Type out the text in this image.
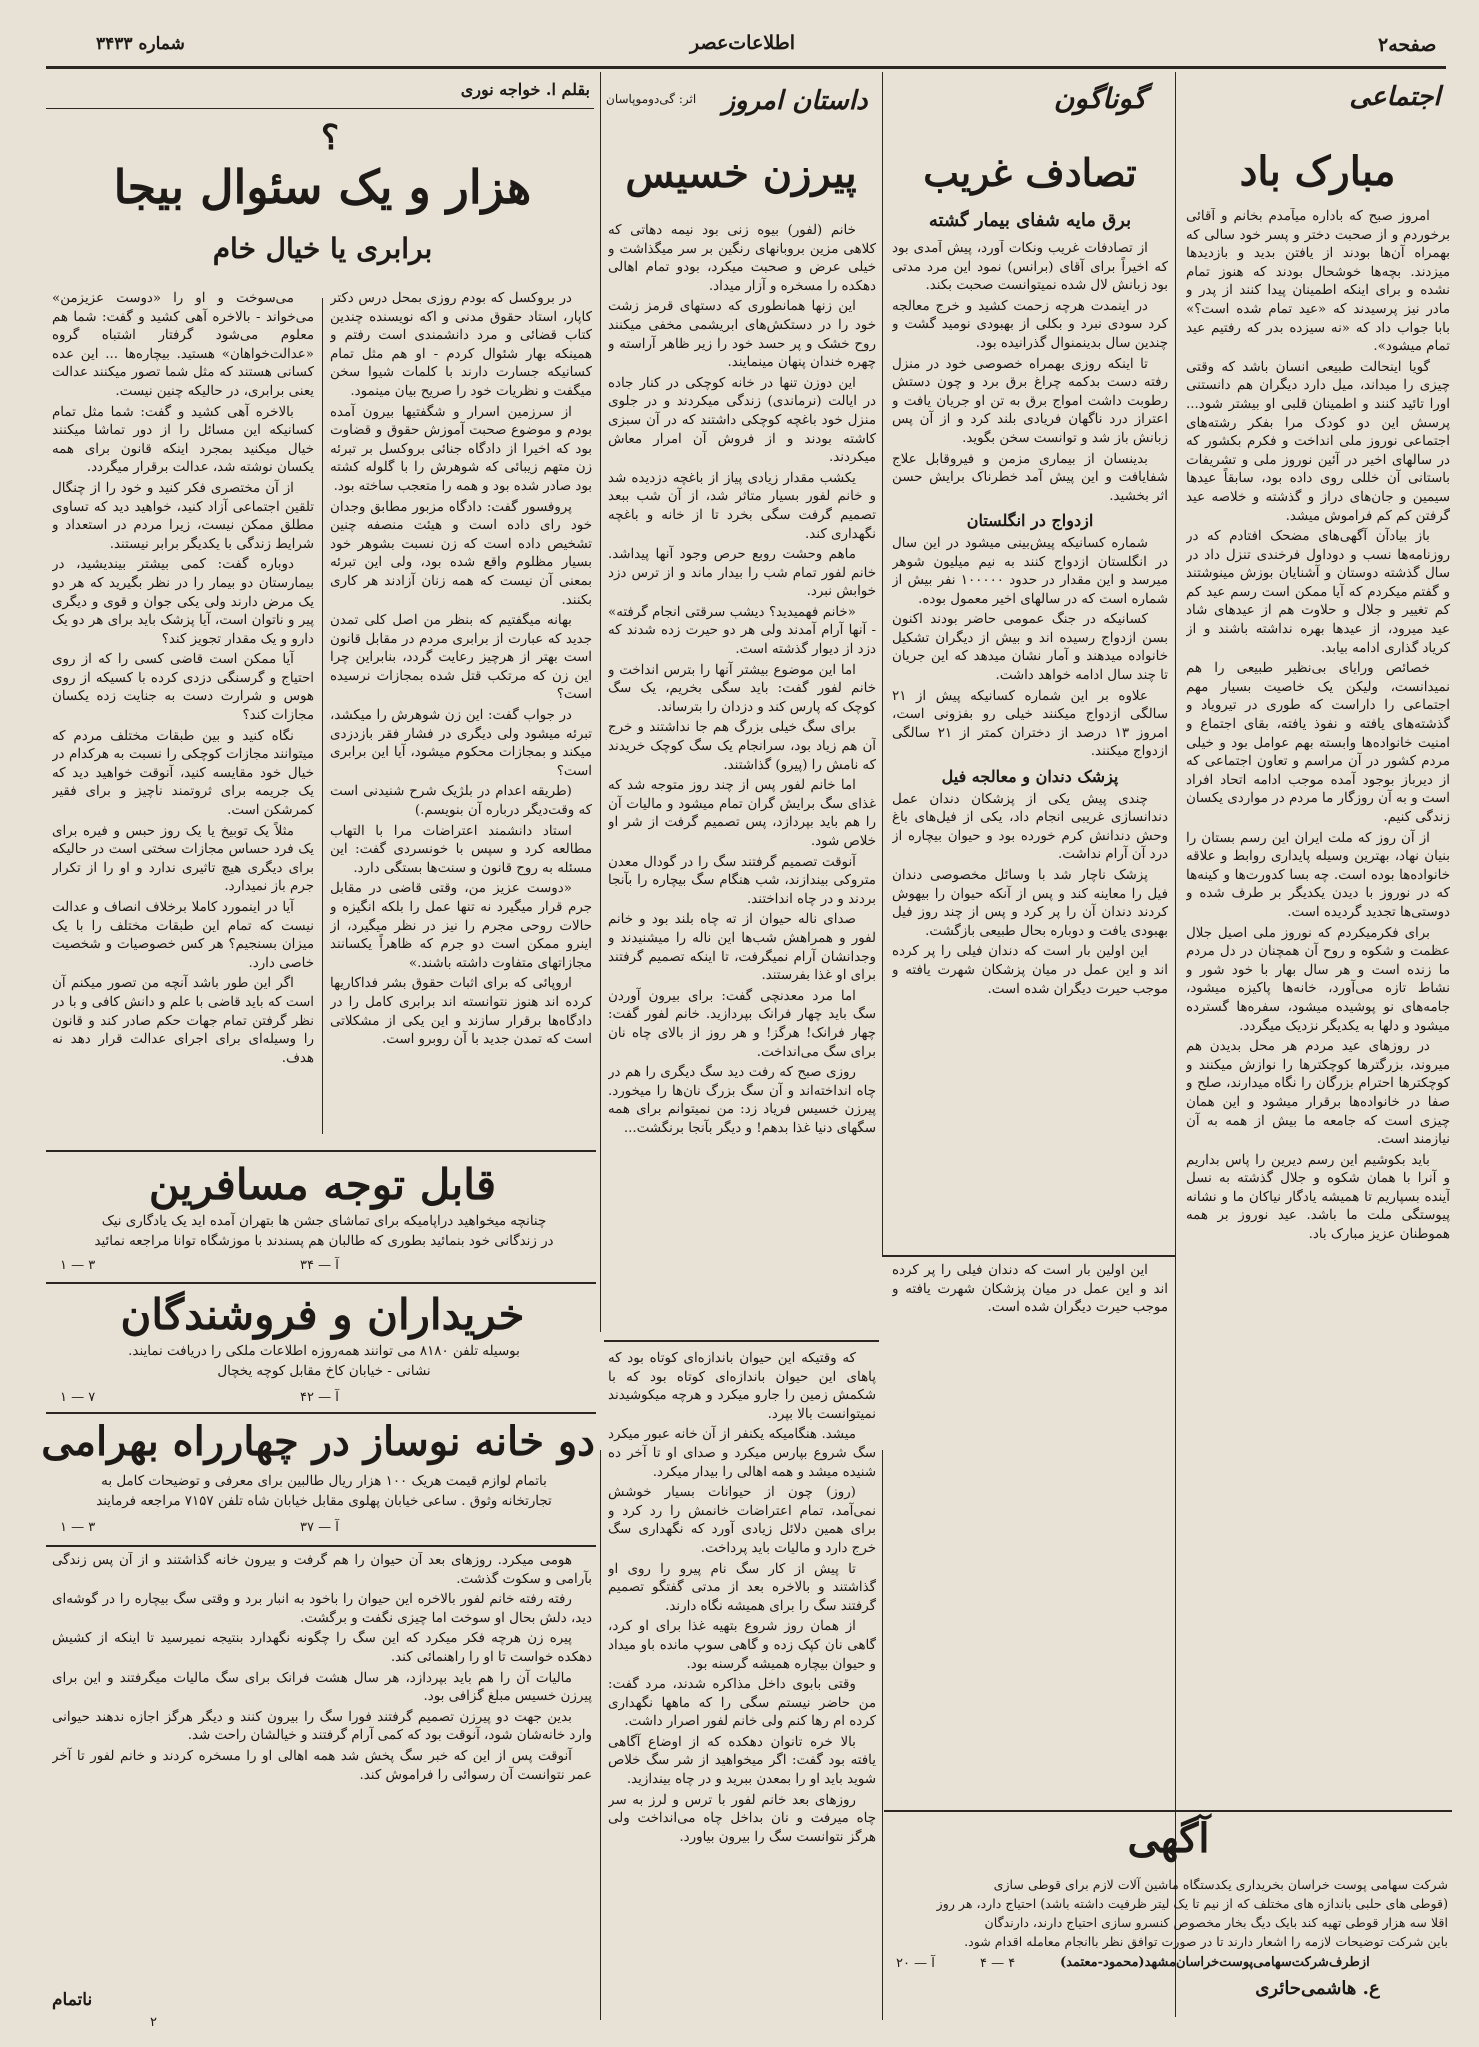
صفحه۲
اطلاعات‌عصر
شماره ۳۴۳۳
اجتماعی
مبارک باد

امروز صبح که باداره میآمدم بخانم و آقائی برخوردم و از صحبت دختر و پسر خود سالی که بهمراه آن‌ها بودند از یافتن بدید و بازدیدها میزدند. بچه‌ها خوشحال بودند که هنوز تمام نشده و برای اینکه اطمینان پیدا کنند از پدر و مادر نیز پرسیدند که «عید تمام شده است؟» بابا جواب داد که «نه سیزده بدر که رفتیم عید تمام میشود».

گویا اینحالت طبیعی انسان باشد که وقتی چیزی را میداند، میل دارد دیگران هم دانستنی اورا تائید کنند و اطمینان قلبی او بیشتر شود... پرسش این دو کودک مرا بفکر رشته‌های اجتماعی نوروز ملی انداخت و فکرم بکشور که در سالهای اخیر در آئین نوروز ملی و تشریفات باستانی آن خللی روی داده بود، سابقاً عیدها سیمین و جان‌های دراز و گذشته و خلاصه عید گرفتن کم کم فراموش میشد.

باز بیادآن آگهی‌های مضحک افتادم که در روزنامه‌ها نسب و دوداول فرخندی تنزل داد در سال گذشته دوستان و آشنایان بوزش مینوشتند و گفتم میکردم که آیا ممکن است رسم عید کم کم تغییر و جلال و حلاوت هم از عید‌های شاد عید میرود، از عیدها بهره نداشته باشند و از کریاد گذاری ادامه بیابد.

خصائص ورایای بی‌نظیر طبیعی را هم نمیدانست، ولیکن یک خاصیت بسیار مهم اجتماعی را داراست که طوری در تیرویاد و گذشته‌های یافته و نفوذ یافته، بقای اجتماع و امنیت خانواده‌ها وابسته بهم عوامل بود و خیلی مردم کشور در آن مراسم و تعاون اجتماعی که از دیرباز بوجود آمده موجب ادامه اتحاد افراد است و به آن روزگار ما مردم در مواردی یکسان زندگی کنیم.

از آن روز که ملت ایران این رسم بستان را بنیان نهاد، بهترین وسیله پایداری روابط و علاقه خانواده‌ها بوده است. چه بسا کدورت‌ها و کینه‌ها که در نوروز با دیدن یکدیگر بر طرف شده و دوستی‌ها تجدید گردیده است.

برای فکرمیکردم که نوروز ملی اصیل جلال عظمت و شکوه و روح آن همچنان در دل مردم ما زنده است و هر سال بهار با خود شور و نشاط تازه می‌آورد، خانه‌ها پاکیزه میشود، جامه‌های نو پوشیده میشود، سفره‌ها گسترده میشود و دلها به یکدیگر نزدیک میگردد.

در روز‌های عید مردم هر محل بدیدن هم میروند، بزرگترها کوچکترها را نوازش میکنند و کوچکترها احترام بزرگان را نگاه میدارند، صلح و صفا در خانواده‌ها برقرار میشود و این همان چیزی است که جامعه ما بیش از همه به آن نیازمند است.

باید بکوشیم این رسم دیرین را پاس بداریم و آنرا با همان شکوه و جلال گذشته به نسل آینده بسپاریم تا همیشه یادگار نیاکان ما و نشانه پیوستگی ملت ما باشد. عید نوروز بر همه هموطنان عزیز مبارک باد.

ع. هاشمی‌حائری
گوناگون
تصادف غریب
برق مایه شفای بیمار گشته

از تصادفات غریب ونکات آورد، پیش آمدی بود که اخیراً برای آقای (برانس) نمود این مرد مدتی بود زبانش لال شده نمیتوانست صحبت بکند.

در اینمدت هرچه زحمت کشید و خرج معالجه کرد سودی نبرد و بکلی از بهبودی نومید گشت و چندین سال بدینمنوال گذرانیده بود.

تا اینکه روزی بهمراه خصوصی خود در منزل رفته دست بدکمه چراغ برق برد و چون دستش رطوبت داشت امواج برق به تن او جریان یافت و اعتراز درد ناگهان فریادی بلند کرد و از آن پس زبانش باز شد و توانست سخن بگوید.

بدینسان از بیماری مزمن و فیروقابل علاج شفایافت و این پیش آمد خطرناک برایش حسن اثر بخشید.

ازدواج در انگلستان

شماره کسانیکه پیش‌بینی میشود در این سال در انگلستان ازدواج کنند به نیم میلیون شوهر میرسد و این مقدار در حدود ۱۰۰۰۰۰ نفر بیش از شماره است که در سالهای اخیر معمول بوده.

کسانیکه در جنگ عمومی حاضر بودند اکنون بسن ازدواج رسیده اند و بیش از دیگران تشکیل خانواده میدهند و آمار نشان میدهد که این جریان تا چند سال ادامه خواهد داشت.

علاوه بر این شماره کسانیکه پیش از ۲۱ سالگی ازدواج میکنند خیلی رو بفزونی است، امروز ۱۳ درصد از دختران کمتر از ۲۱ سالگی ازدواج میکنند.

پزشک دندان و معالجه فیل

چندی پیش یکی از پزشکان دندان عمل دندانسازی غریبی انجام داد، یکی از فیل‌های باغ وحش دندانش کرم خورده بود و حیوان بیچاره از درد آن آرام نداشت.

پزشک ناچار شد با وسائل مخصوصی دندان فیل را معاینه کند و پس از آنکه حیوان را بیهوش کردند دندان آن را پر کرد و پس از چند روز فیل بهبودی یافت و دوباره بحال طبیعی بازگشت.

این اولین بار است که دندان فیلی را پر کرده اند و این عمل در میان پزشکان شهرت یافته و موجب حیرت دیگران شده است.

اثر: گی‌دوموپاسان داستان امروز
پیرزن خسیس

خانم (لفور) بیوه زنی بود نیمه دهاتی که کلاهی مزین بروبانهای رنگین بر سر میگذاشت و خیلی عرض و صحبت میکرد، بودو تمام اهالی دهکده را مسخره و آزار میداد.

این زنها همانطوری که دستهای قرمز زشت خود را در دستکش‌های ابریشمی مخفی میکنند روح خشک و پر حسد خود را زیر ظاهر آراسته و چهره خندان پنهان مینمایند.

این دوزن تنها در خانه کوچکی در کنار جاده در ایالت (نرماندی) زندگی میکردند و در جلوی منزل خود باغچه کوچکی داشتند که در آن سبزی کاشته بودند و از فروش آن امرار معاش میکردند.

یکشب مقدار زیادی پیاز از باغچه دزدیده شد و خانم لفور بسیار متاثر شد، از آن شب ببعد تصمیم گرفت سگی بخرد تا از خانه و باغچه نگهداری کند.

ماهم وحشت روبع حرص وجود آنها پیداشد. خانم لفور تمام شب را بیدار ماند و از ترس دزد خوابش نبرد.

«خانم فهمیدید؟ دیشب سرقتی انجام گرفته» - آنها آرام آمدند ولی هر دو حیرت زده شدند که دزد از دیوار گذشته است.

اما این موضوع بیشتر آنها را بترس انداخت و خانم لفور گفت: باید سگی بخریم، یک سگ کوچک که پارس کند و دزدان را بترساند.

برای سگ خیلی بزرگ هم جا نداشتند و خرج آن هم زیاد بود، سرانجام یک سگ کوچک خریدند که نامش را (پیرو) گذاشتند.

اما خانم لفور پس از چند روز متوجه شد که غذای سگ برایش گران تمام میشود و مالیات آن را هم باید بپردازد، پس تصمیم گرفت از شر او خلاص شود.

آنوقت تصمیم گرفتند سگ را در گودال معدن متروکی بیندازند، شب هنگام سگ بیچاره را بآنجا بردند و در چاه انداختند.

صدای ناله حیوان از ته چاه بلند بود و خانم لفور و همراهش شب‌ها این ناله را میشنیدند و وجدانشان آرام نمیگرفت، تا اینکه تصمیم گرفتند برای او غذا بفرستند.

اما مرد معدنچی گفت: برای بیرون آوردن سگ باید چهار فرانک بپردازید. خانم لفور گفت: چهار فرانک! هرگز! و هر روز از بالای چاه نان برای سگ می‌انداخت.

روزی صبح که رفت دید سگ دیگری را هم در چاه انداخته‌اند و آن سگ بزرگ نان‌ها را میخورد. پیرزن خسیس فریاد زد: من نمیتوانم برای همه سگهای دنیا غذا بدهم! و دیگر بآنجا برنگشت...

بقلم ا. خواجه نوری
؟
هزار و یک سئوال بیجا
برابری یا خیال خام

در بروکسل که بودم روزی بمحل درس دکتر کاپار، استاد حقوق مدنی و اکه نویسنده چندین کتاب قضائی و مرد دانشمندی است رفتم و همینکه بهار شئوال کردم - او هم مثل تمام کسانیکه جسارت دارند با کلمات شیوا سخن میگفت و نظریات خود را صریح بیان مینمود.

از سرزمین اسرار و شگفتیها بیرون آمده بودم و موضوع صحبت آموزش حقوق و قضاوت بود که اخیرا از دادگاه جنائی بروکسل بر تبرئه زن متهم زیبائی که شوهرش را با گلوله کشته بود صادر شده بود و همه را متعجب ساخته بود.

پروفسور گفت: دادگاه مزبور مطابق وجدان خود رای داده است و هیئت منصفه چنین تشخیص داده است که زن نسبت بشوهر خود بسیار مظلوم واقع شده بود، ولی این تبرئه بمعنی آن نیست که همه زنان آزادند هر کاری بکنند.

بهانه میگفتیم که بنظر من اصل کلی تمدن جدید که عبارت از برابری مردم در مقابل قانون است بهتر از هرچیز رعایت گردد، بنابراین چرا این زن که مرتکب قتل شده بمجازات نرسیده است؟

در جواب گفت: این زن شوهرش را میکشد، تبرئه میشود ولی دیگری در فشار فقر بازدزدی میکند و بمجازات محکوم میشود، آیا این برابری است؟

(طریقه اعدام در بلژیک شرح شنیدنی است که وقت‌دیگر درباره آن بنویسم.)

استاد دانشمند اعتراضات مرا با التهاب مطالعه کرد و سپس با خونسردی گفت: این مسئله به روح قانون و سنت‌ها بستگی دارد.

«دوست عزیز من، وقتی قاضی در مقابل جرم قرار میگیرد نه تنها عمل را بلکه انگیزه و حالات روحی مجرم را نیز در نظر میگیرد، از اینرو ممکن است دو جرم که ظاهراً یکسانند مجازاتهای متفاوت داشته باشند.»

اروپائی که برای اثبات حقوق بشر فداکاریها کرده اند هنوز نتوانسته اند برابری کامل را در دادگاه‌ها برقرار سازند و این یکی از مشکلاتی است که تمدن جدید با آن روبرو است.

می‌سوخت و او را «دوست عزیزمن» می‌خواند - بالاخره آهی کشید و گفت: شما هم معلوم می‌شود گرفتار اشتباه گروه «عدالت‌خواهان» هستید. بیچاره‌ها ... این عده کسانی هستند که مثل شما تصور میکنند عدالت یعنی برابری، در حالیکه چنین نیست.

بالاخره آهی کشید و گفت: شما مثل تمام کسانیکه این مسائل را از دور تماشا میکنند خیال میکنید بمجرد اینکه قانون برای همه یکسان نوشته شد، عدالت برقرار میگردد.

از آن مختصری فکر کنید و خود را از چنگال تلقین اجتماعی آزاد کنید، خواهید دید که تساوی مطلق ممکن نیست، زیرا مردم در استعداد و شرایط زندگی با یکدیگر برابر نیستند.

دوباره گفت: کمی بیشتر بیندیشید، در بیمارستان دو بیمار را در نظر بگیرید که هر دو یک مرض دارند ولی یکی جوان و قوی و دیگری پیر و ناتوان است، آیا پزشک باید برای هر دو یک دارو و یک مقدار تجویز کند؟

آیا ممکن است قاضی کسی را که از روی احتیاج و گرسنگی دزدی کرده با کسیکه از روی هوس و شرارت دست به جنایت زده یکسان مجازات کند؟

نگاه کنید و بین طبقات مختلف مردم که میتوانند مجازات کوچکی را نسبت به هرکدام در خیال خود مقایسه کنید، آنوقت خواهید دید که یک جریمه برای ثروتمند ناچیز و برای فقیر کمرشکن است.

مثلاً یک توبیخ یا یک روز حبس و فیره برای یک فرد حساس مجازات سختی است در حالیکه برای دیگری هیچ تاثیری ندارد و او را از تکرار جرم باز نمیدارد.

آیا در اینمورد کاملا برخلاف انصاف و عدالت نیست که تمام این طبقات مختلف را با یک میزان بسنجیم؟ هر کس خصوصیات و شخصیت خاصی دارد.

اگر این طور باشد آنچه من تصور میکنم آن است که باید قاضی با علم و دانش کافی و با در نظر گرفتن تمام جهات حکم صادر کند و قانون را وسیله‌ای برای اجرای عدالت قرار دهد نه هدف.

قابل توجه مسافرین

چنانچه میخواهید دراپامیکه برای تماشای جشن ها بتهران آمده اید یک یادگاری نیک

در زندگانی خود بنمائید بطوری که طالبان هم پسندند با موزشگاه توانا مراجعه نمائید

آ — ۳۴
۳ — ۱
خریداران و فروشندگان

بوسیله تلفن ۸۱۸۰ می توانند همه‌روزه اطلاعات ملکی را دریافت نمایند.

نشانی - خیابان کاخ مقابل کوچه یخچال

آ — ۴۲
۷ — ۱
دو خانه نوساز در چهارراه بهرامی

باتمام لوازم قیمت هریک ۱۰۰ هزار ریال طالبین برای معرفی و توضیحات کامل به

تجارتخانه وثوق . ساعی خیابان پهلوی مقابل خیابان شاه تلفن ۷۱۵۷ مراجعه فرمایند

آ — ۳۷
۳ — ۱

هومی میکرد. روزهای بعد آن حیوان را هم گرفت و بیرون خانه گذاشتند و از آن پس زندگی بآرامی و سکوت گذشت.

رفته رفته خانم لفور بالاخره این حیوان را باخود به انبار برد و وقتی سگ بیچاره را در گوشه‌ای دید، دلش بحال او سوخت اما چیزی نگفت و برگشت.

پیره زن هرچه فکر میکرد که این سگ را چگونه نگهدارد بنتیجه نمیرسید تا اینکه از کشیش دهکده خواست تا او را راهنمائی کند.

مالیات آن را هم باید بپردازد، هر سال هشت فرانک برای سگ مالیات میگرفتند و این برای پیرزن خسیس مبلغ گزافی بود.

بدین جهت دو پیرزن تصمیم گرفتند فورا سگ را بیرون کنند و دیگر هرگز اجازه ندهند حیوانی وارد خانه‌شان شود، آنوقت بود که کمی آرام گرفتند و خیالشان راحت شد.

آنوقت پس از این که خبر سگ پخش شد همه اهالی او را مسخره کردند و خانم لفور تا آخر عمر نتوانست آن رسوائی را فراموش کند.

ناتمام

که وقتیکه این حیوان باندازه‌ای کوتاه بود که پاهای این حیوان باندازه‌ای کوتاه بود که با شکمش زمین را جارو میکرد و هرچه میکوشیدند نمیتوانست بالا بپرد.

میشد. هنگامیکه یکنفر از آن خانه عبور میکرد سگ شروع بپارس میکرد و صدای او تا آخر ده شنیده میشد و همه اهالی را بیدار میکرد.

(روز) چون از حیوانات بسیار خوشش نمی‌آمد، تمام اعتراضات خانمش را رد کرد و برای همین دلائل زیادی آورد که نگهداری سگ خرج دارد و مالیات باید پرداخت.

تا پیش از کار سگ نام پیرو را روی او گذاشتند و بالاخره بعد از مدتی گفتگو تصمیم گرفتند سگ را برای همیشه نگاه دارند.

از همان روز شروع بتهیه غذا برای او کرد، گاهی نان کپک زده و گاهی سوپ مانده باو میداد و حیوان بیچاره همیشه گرسنه بود.

وقتی بابوی داخل مذاکره شدند، مرد گفت: من حاضر نیستم سگی را که ماهها نگهداری کرده ام رها کنم ولی خانم لفور اصرار داشت.

بالا خره تانوان دهکده که از اوضاع آگاهی یافته بود گفت: اگر میخواهید از شر سگ خلاص شوید باید او را بمعدن ببرید و در چاه بیندازید.

روزهای بعد خانم لفور با ترس و لرز به سر چاه میرفت و نان بداخل چاه می‌انداخت ولی هرگز نتوانست سگ را بیرون بیاورد.	آگهی

شرکت سهامی پوست خراسان بخریداری یکدستگاه ماشین آلات لازم برای قوطی سازی

(قوطی های حلبی باندازه های مختلف که از نیم تا یک لیتر ظرفیت داشته باشد) احتیاج دارد، هر روز

اقلا سه هزار قوطی تهیه کند بایک دیگ بخار مخصوص کنسرو سازی احتیاج دارند، دارندگان

باین شرکت توضیحات لازمه را اشعار دارند تا در صورت توافق نظر باانجام معامله اقدام شود.

ازطرف‌شرکت‌سهامی‌پوست‌خراسان‌مشهد(محمود-معتمد)
آ — ۲۰	۴ — ۴

این اولین بار است که دندان فیلی را پر کرده اند و این عمل در میان پزشکان شهرت یافته و موجب حیرت دیگران شده است.

۲
